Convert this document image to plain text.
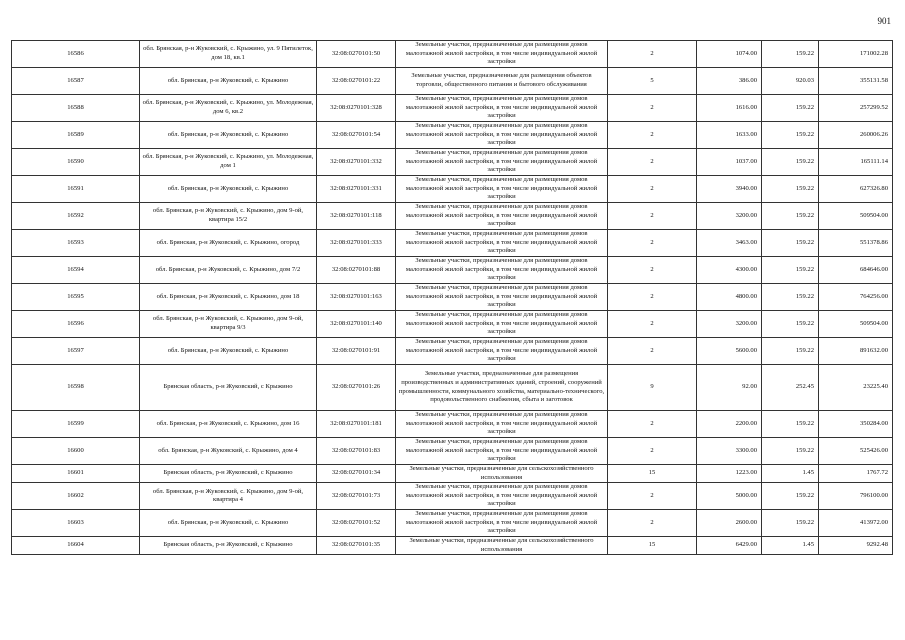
901
16586	обл. Брянская, р-н Жуковский, с. Крыжино, ул. 9 Пятилеток, дом 18, кв.1	32:08:0270101:50	Земельные участки, предназначенные для размещения домов малоэтажной жилой застройки, в том числе индивидуальной жилой застройки	2	1074.00	159.22	171002.28
16587	обл. Брянская, р-н Жуковский, с. Крыжино	32:08:0270101:22	Земельные участки, предназначенные для размещения объектов торговли, общественного питания и бытового обслуживания	5	386.00	920.03	355131.58
16588	обл. Брянская, р-н Жуковский, с. Крыжино, ул. Молодежная, дом 6, кв.2	32:08:0270101:328	Земельные участки, предназначенные для размещения домов малоэтажной жилой застройки, в том числе индивидуальной жилой застройки	2	1616.00	159.22	257299.52
16589	обл. Брянская, р-н Жуковский, с. Крыжино	32:08:0270101:54	Земельные участки, предназначенные для размещения домов малоэтажной жилой застройки, в том числе индивидуальной жилой застройки	2	1633.00	159.22	260006.26
16590	обл. Брянская, р-н Жуковский, с. Крыжино, ул. Молодежная, дом 1	32:08:0270101:332	Земельные участки, предназначенные для размещения домов малоэтажной жилой застройки, в том числе индивидуальной жилой застройки	2	1037.00	159.22	165111.14
16591	обл. Брянская, р-н Жуковский, с. Крыжино	32:08:0270101:331	Земельные участки, предназначенные для размещения домов малоэтажной жилой застройки, в том числе индивидуальной жилой застройки	2	3940.00	159.22	627326.80
16592	обл. Брянская, р-н Жуковский, с. Крыжино, дом 9-ой, квартира 15/2	32:08:0270101:118	Земельные участки, предназначенные для размещения домов малоэтажной жилой застройки, в том числе индивидуальной жилой застройки	2	3200.00	159.22	509504.00
16593	обл. Брянская, р-н Жуковский, с. Крыжино, огород	32:08:0270101:333	Земельные участки, предназначенные для размещения домов малоэтажной жилой застройки, в том числе индивидуальной жилой застройки	2	3463.00	159.22	551378.86
16594	обл. Брянская, р-н Жуковский, с. Крыжино, дом 7/2	32:08:0270101:88	Земельные участки, предназначенные для размещения домов малоэтажной жилой застройки, в том числе индивидуальной жилой застройки	2	4300.00	159.22	684646.00
16595	обл. Брянская, р-н Жуковский, с. Крыжино, дом 18	32:08:0270101:163	Земельные участки, предназначенные для размещения домов малоэтажной жилой застройки, в том числе индивидуальной жилой застройки	2	4800.00	159.22	764256.00
16596	обл. Брянская, р-н Жуковский, с. Крыжино, дом 9-ой, квартира 9/3	32:08:0270101:140	Земельные участки, предназначенные для размещения домов малоэтажной жилой застройки, в том числе индивидуальной жилой застройки	2	3200.00	159.22	509504.00
16597	обл. Брянская, р-н Жуковский, с. Крыжино	32:08:0270101:91	Земельные участки, предназначенные для размещения домов малоэтажной жилой застройки, в том числе индивидуальной жилой застройки	2	5600.00	159.22	891632.00
16598	Брянская область, р-н Жуковский, с Крыжино	32:08:0270101:26	Земельные участки, предназначенные для размещения производственных и административных зданий, строений, сооружений промышленности, коммунального хозяйства, материально-технического, продовольственного снабжения, сбыта и заготовок	9	92.00	252.45	23225.40
16599	обл. Брянская, р-н Жуковский, с. Крыжино, дом 16	32:08:0270101:181	Земельные участки, предназначенные для размещения домов малоэтажной жилой застройки, в том числе индивидуальной жилой застройки	2	2200.00	159.22	350284.00
16600	обл. Брянская, р-н Жуковский, с. Крыжино, дом 4	32:08:0270101:83	Земельные участки, предназначенные для размещения домов малоэтажной жилой застройки, в том числе индивидуальной жилой застройки	2	3300.00	159.22	525426.00
16601	Брянская область, р-н Жуковский, с Крыжино	32:08:0270101:34	Земельные участки, предназначенные для сельскохозяйственного использования	15	1223.00	1.45	1767.72
16602	обл. Брянская, р-н Жуковский, с. Крыжино, дом 9-ой, квартира 4	32:08:0270101:73	Земельные участки, предназначенные для размещения домов малоэтажной жилой застройки, в том числе индивидуальной жилой застройки	2	5000.00	159.22	796100.00
16603	обл. Брянская, р-н Жуковский, с. Крыжино	32:08:0270101:52	Земельные участки, предназначенные для размещения домов малоэтажной жилой застройки, в том числе индивидуальной жилой застройки	2	2600.00	159.22	413972.00
16604	Брянская область, р-н Жуковский, с Крыжино	32:08:0270101:35	Земельные участки, предназначенные для сельскохозяйственного использования	15	6429.00	1.45	9292.48
